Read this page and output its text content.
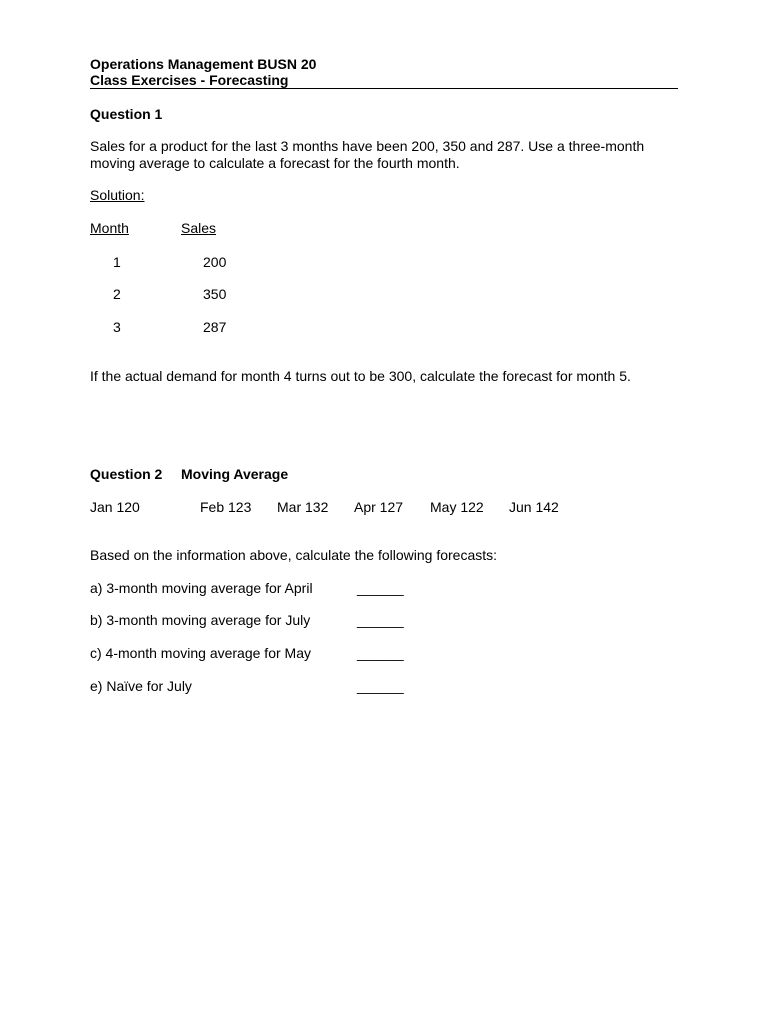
Operations Management BUSN 20
Class Exercises - Forecasting
Question 1
Sales for a product for the last 3 months have been 200, 350 and 287. Use a three-month moving average to calculate a forecast for the fourth month.
Solution:
Month	Sales
1	200
2	350
3	287
If the actual demand for month 4 turns out to be 300, calculate the forecast for month 5.
Question 2 Moving Average
Jan 120	Feb 123 Mar 132 Apr 127 May 122 Jun 142
Based on the information above, calculate the following forecasts:
a) 3-month moving average for April	______
b) 3-month moving average for July	______
c) 4-month moving average for May	______
e) Naïve for July	______
